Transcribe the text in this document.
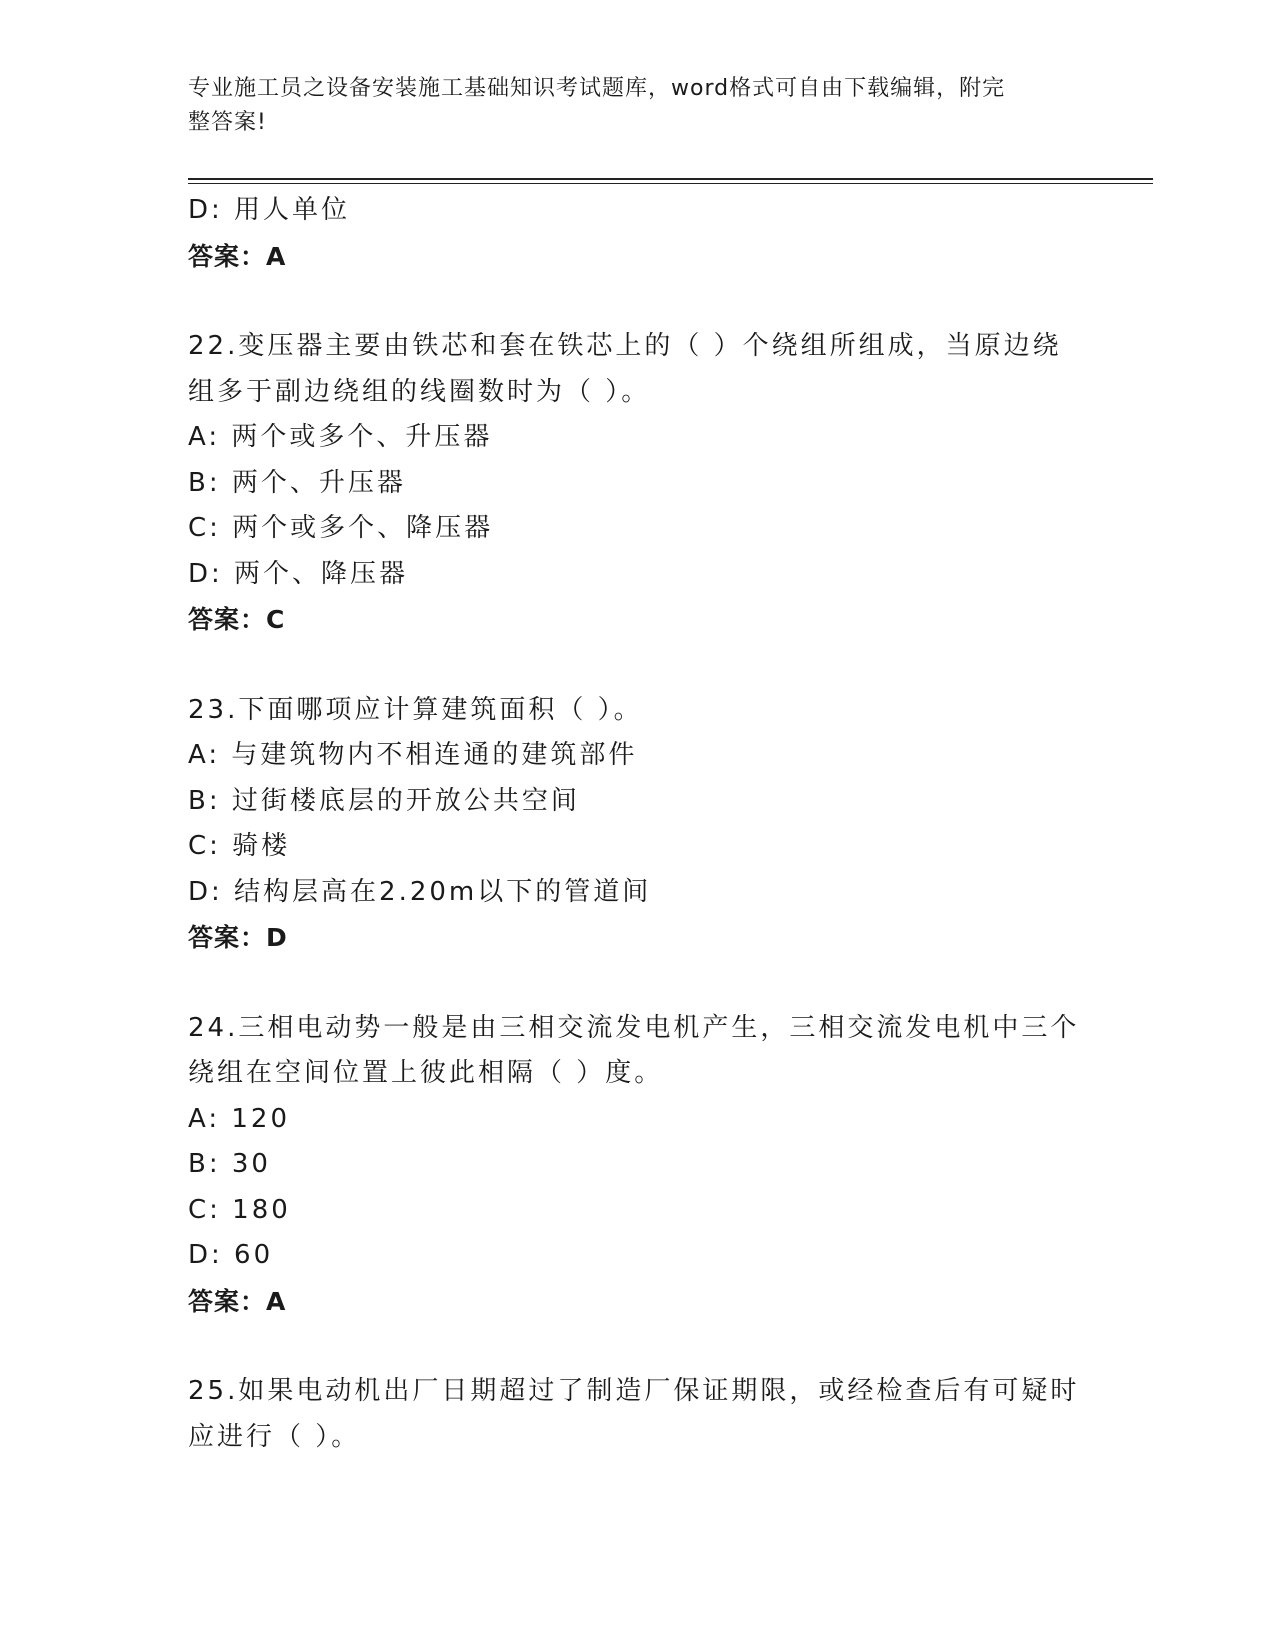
专业施工员之设备安装施工基础知识考试题库，word格式可自由下载编辑，附完
整答案!
D: 用人单位
答案：A
22.变压器主要由铁芯和套在铁芯上的（ ）个绕组所组成，当原边绕
组多于副边绕组的线圈数时为（ ）。
A: 两个或多个、升压器
B: 两个、升压器
C: 两个或多个、降压器
D: 两个、降压器
答案：C
23.下面哪项应计算建筑面积（ ）。
A: 与建筑物内不相连通的建筑部件
B: 过街楼底层的开放公共空间
C: 骑楼
D: 结构层高在2.20m以下的管道间
答案：D
24.三相电动势一般是由三相交流发电机产生，三相交流发电机中三个
绕组在空间位置上彼此相隔（ ）度。
A: 120
B: 30
C: 180
D: 60
答案：A
25.如果电动机出厂日期超过了制造厂保证期限，或经检查后有可疑时
应进行（ ）。
